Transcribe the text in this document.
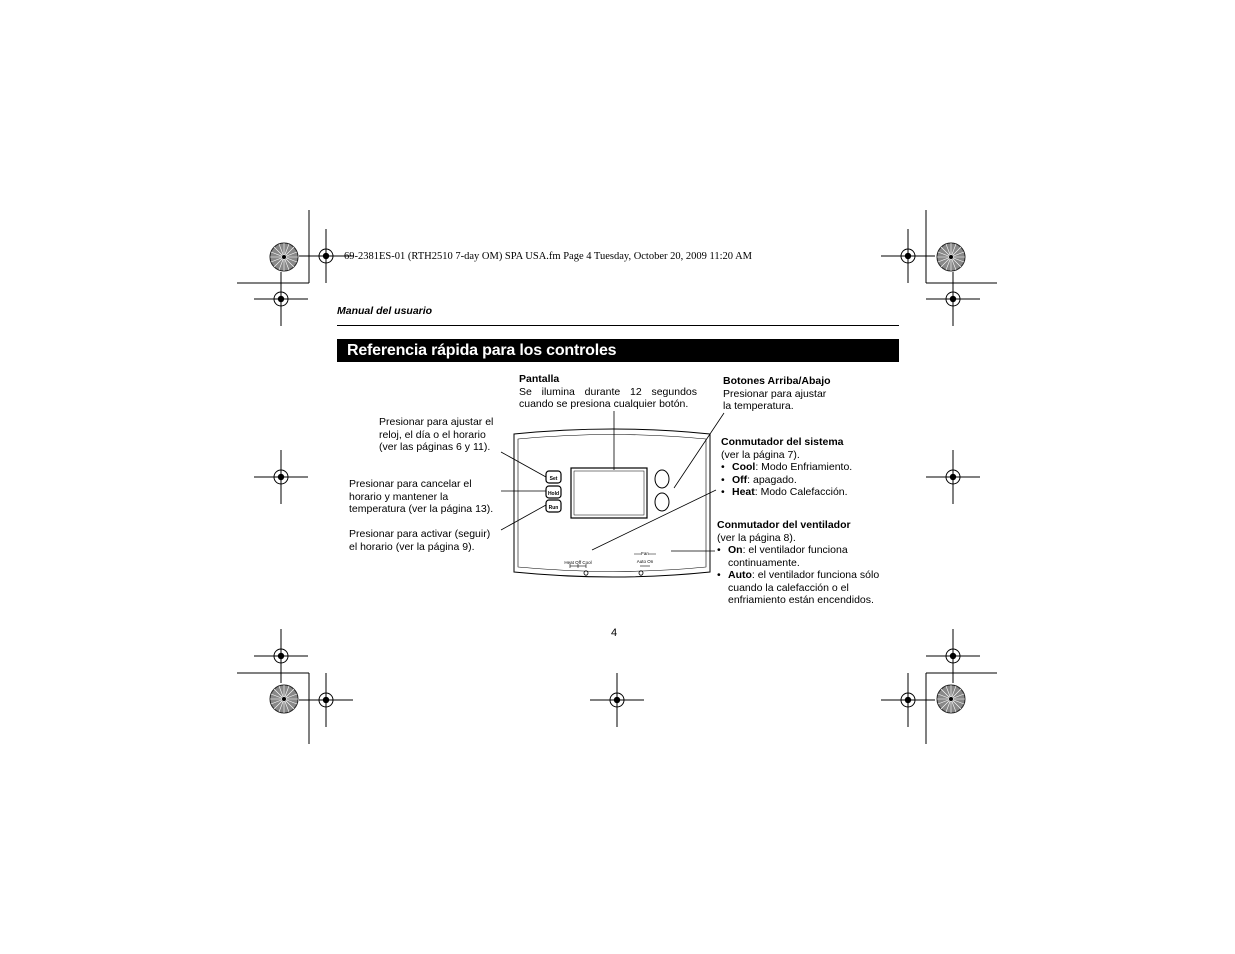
Set
Hold
Run
Heat Off Cool
Fan
Auto On
69-2381ES-01 (RTH2510 7-day OM) SPA USA.fm Page 4 Tuesday, October 20, 2009 11:20 AM
Manual del usuario
Referencia rápida para los controles
Pantalla
Se ilumina durante 12 segundos
cuando se presiona cualquier botón.
Botones Arriba/Abajo
Presionar para ajustar
la temperatura.
Presionar para ajustar el
reloj, el día o el horario
(ver las páginas 6 y 11).
Presionar para cancelar el
horario y mantener la
temperatura (ver la página 13).
Presionar para activar (seguir)
el horario (ver la página 9).
Conmutador del sistema
(ver la página 7).
• Cool: Modo Enfriamiento.
• Off: apagado.
• Heat: Modo Calefacción.
Conmutador del ventilador
(ver la página 8).
• On: el ventilador funciona
continuamente.
• Auto: el ventilador funciona sólo
cuando la calefacción o el
enfriamiento están encendidos.
4
